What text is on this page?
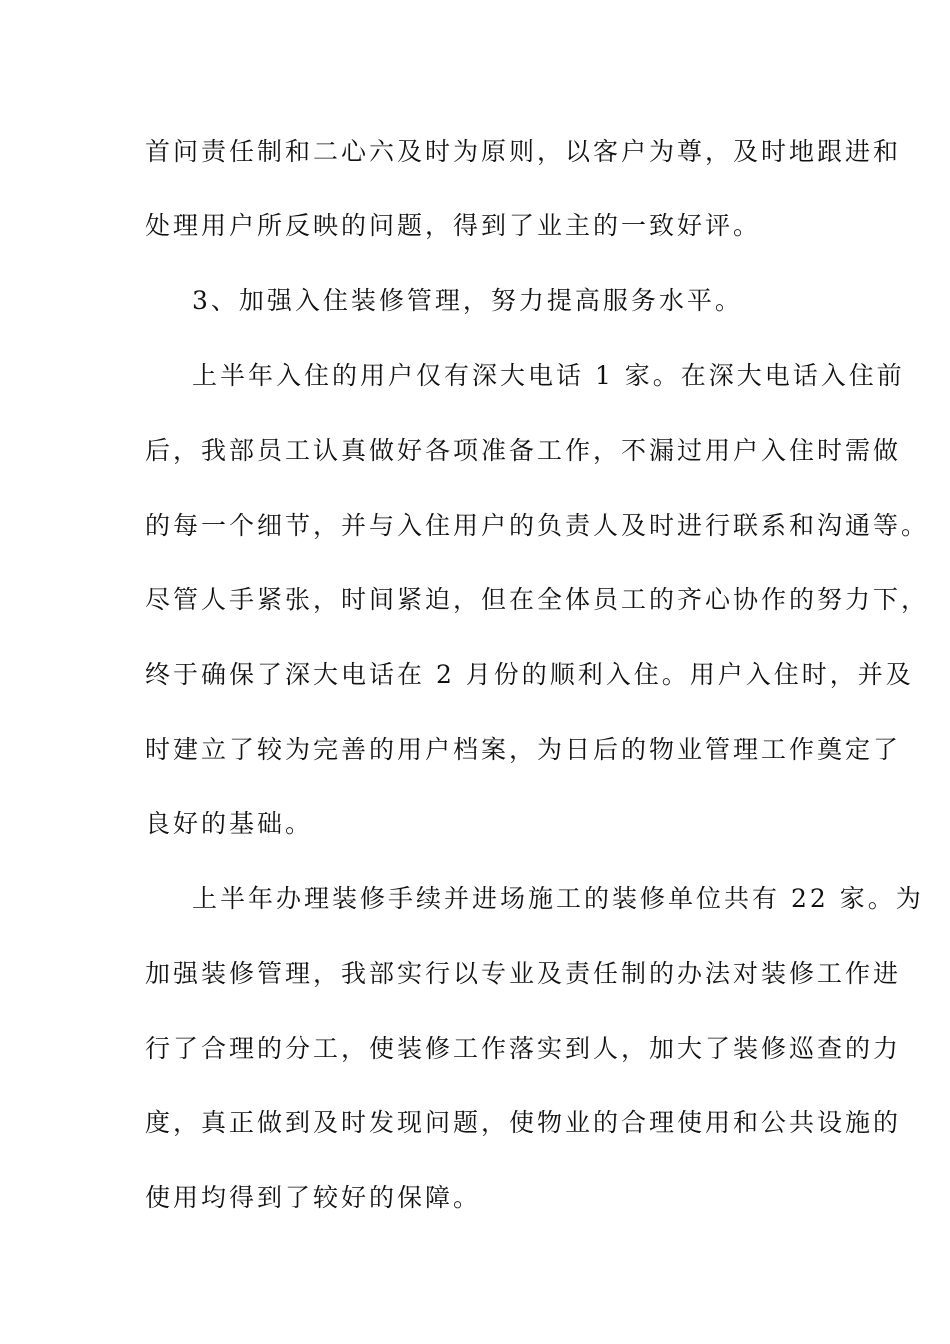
首问责任制和二心六及时为原则，以客户为尊，及时地跟进和
处理用户所反映的问题，得到了业主的一致好评。
3、加强入住装修管理，努力提高服务水平。
上半年入住的用户仅有深大电话 1 家。在深大电话入住前
后，我部员工认真做好各项准备工作，不漏过用户入住时需做
的每一个细节，并与入住用户的负责人及时进行联系和沟通等。
尽管人手紧张，时间紧迫，但在全体员工的齐心协作的努力下，
终于确保了深大电话在 2 月份的顺利入住。用户入住时，并及
时建立了较为完善的用户档案，为日后的物业管理工作奠定了
良好的基础。
上半年办理装修手续并进场施工的装修单位共有 22 家。为
加强装修管理，我部实行以专业及责任制的办法对装修工作进
行了合理的分工，使装修工作落实到人，加大了装修巡查的力
度，真正做到及时发现问题，使物业的合理使用和公共设施的
使用均得到了较好的保障。
